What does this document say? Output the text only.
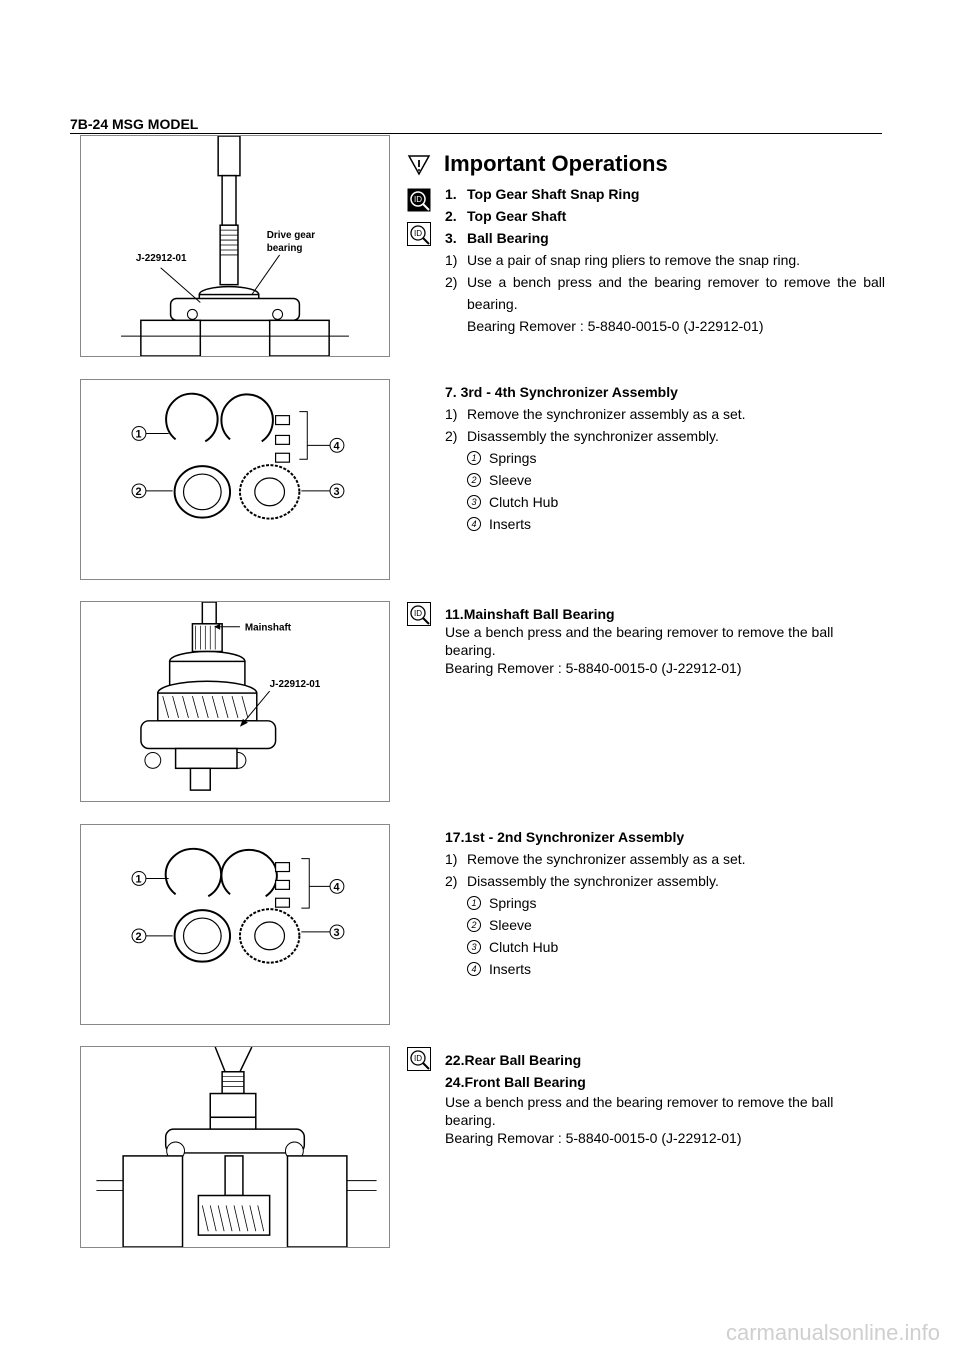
7B-24 MSG MODEL
ID
ID
ID
ID
Important Operations
J-22912-01
Drive gear
bearing
1
2	3
4
Mainshaft
J-22912-01
1
2	3
4
1. Top Gear Shaft Snap Ring
2. Top Gear Shaft
3. Ball Bearing
1) Use a pair of snap ring pliers to remove the snap ring.
2) Use a bench press and the bearing remover to remove the ball bearing.

Bearing Remover : 5-8840-0015-0 (J-22912-01)

7. 3rd - 4th Synchronizer Assembly

1) Remove the synchronizer assembly as a set.
2) Disassembly the synchronizer assembly.
1 Springs
2 Sleeve
3 Clutch Hub
4 Inserts

11.Mainshaft Ball Bearing

Use a bench press and the bearing remover to remove the ball bearing.

Bearing Remover : 5-8840-0015-0 (J-22912-01)

17.1st - 2nd Synchronizer Assembly

1) Remove the synchronizer assembly as a set.
2) Disassembly the synchronizer assembly.
1 Springs
2 Sleeve
3 Clutch Hub
4 Inserts

22.Rear Ball Bearing

24.Front Ball Bearing

Use a bench press and the bearing remover to remove the ball bearing.

Bearing Removar : 5-8840-0015-0 (J-22912-01)

carmanualsonline.info
